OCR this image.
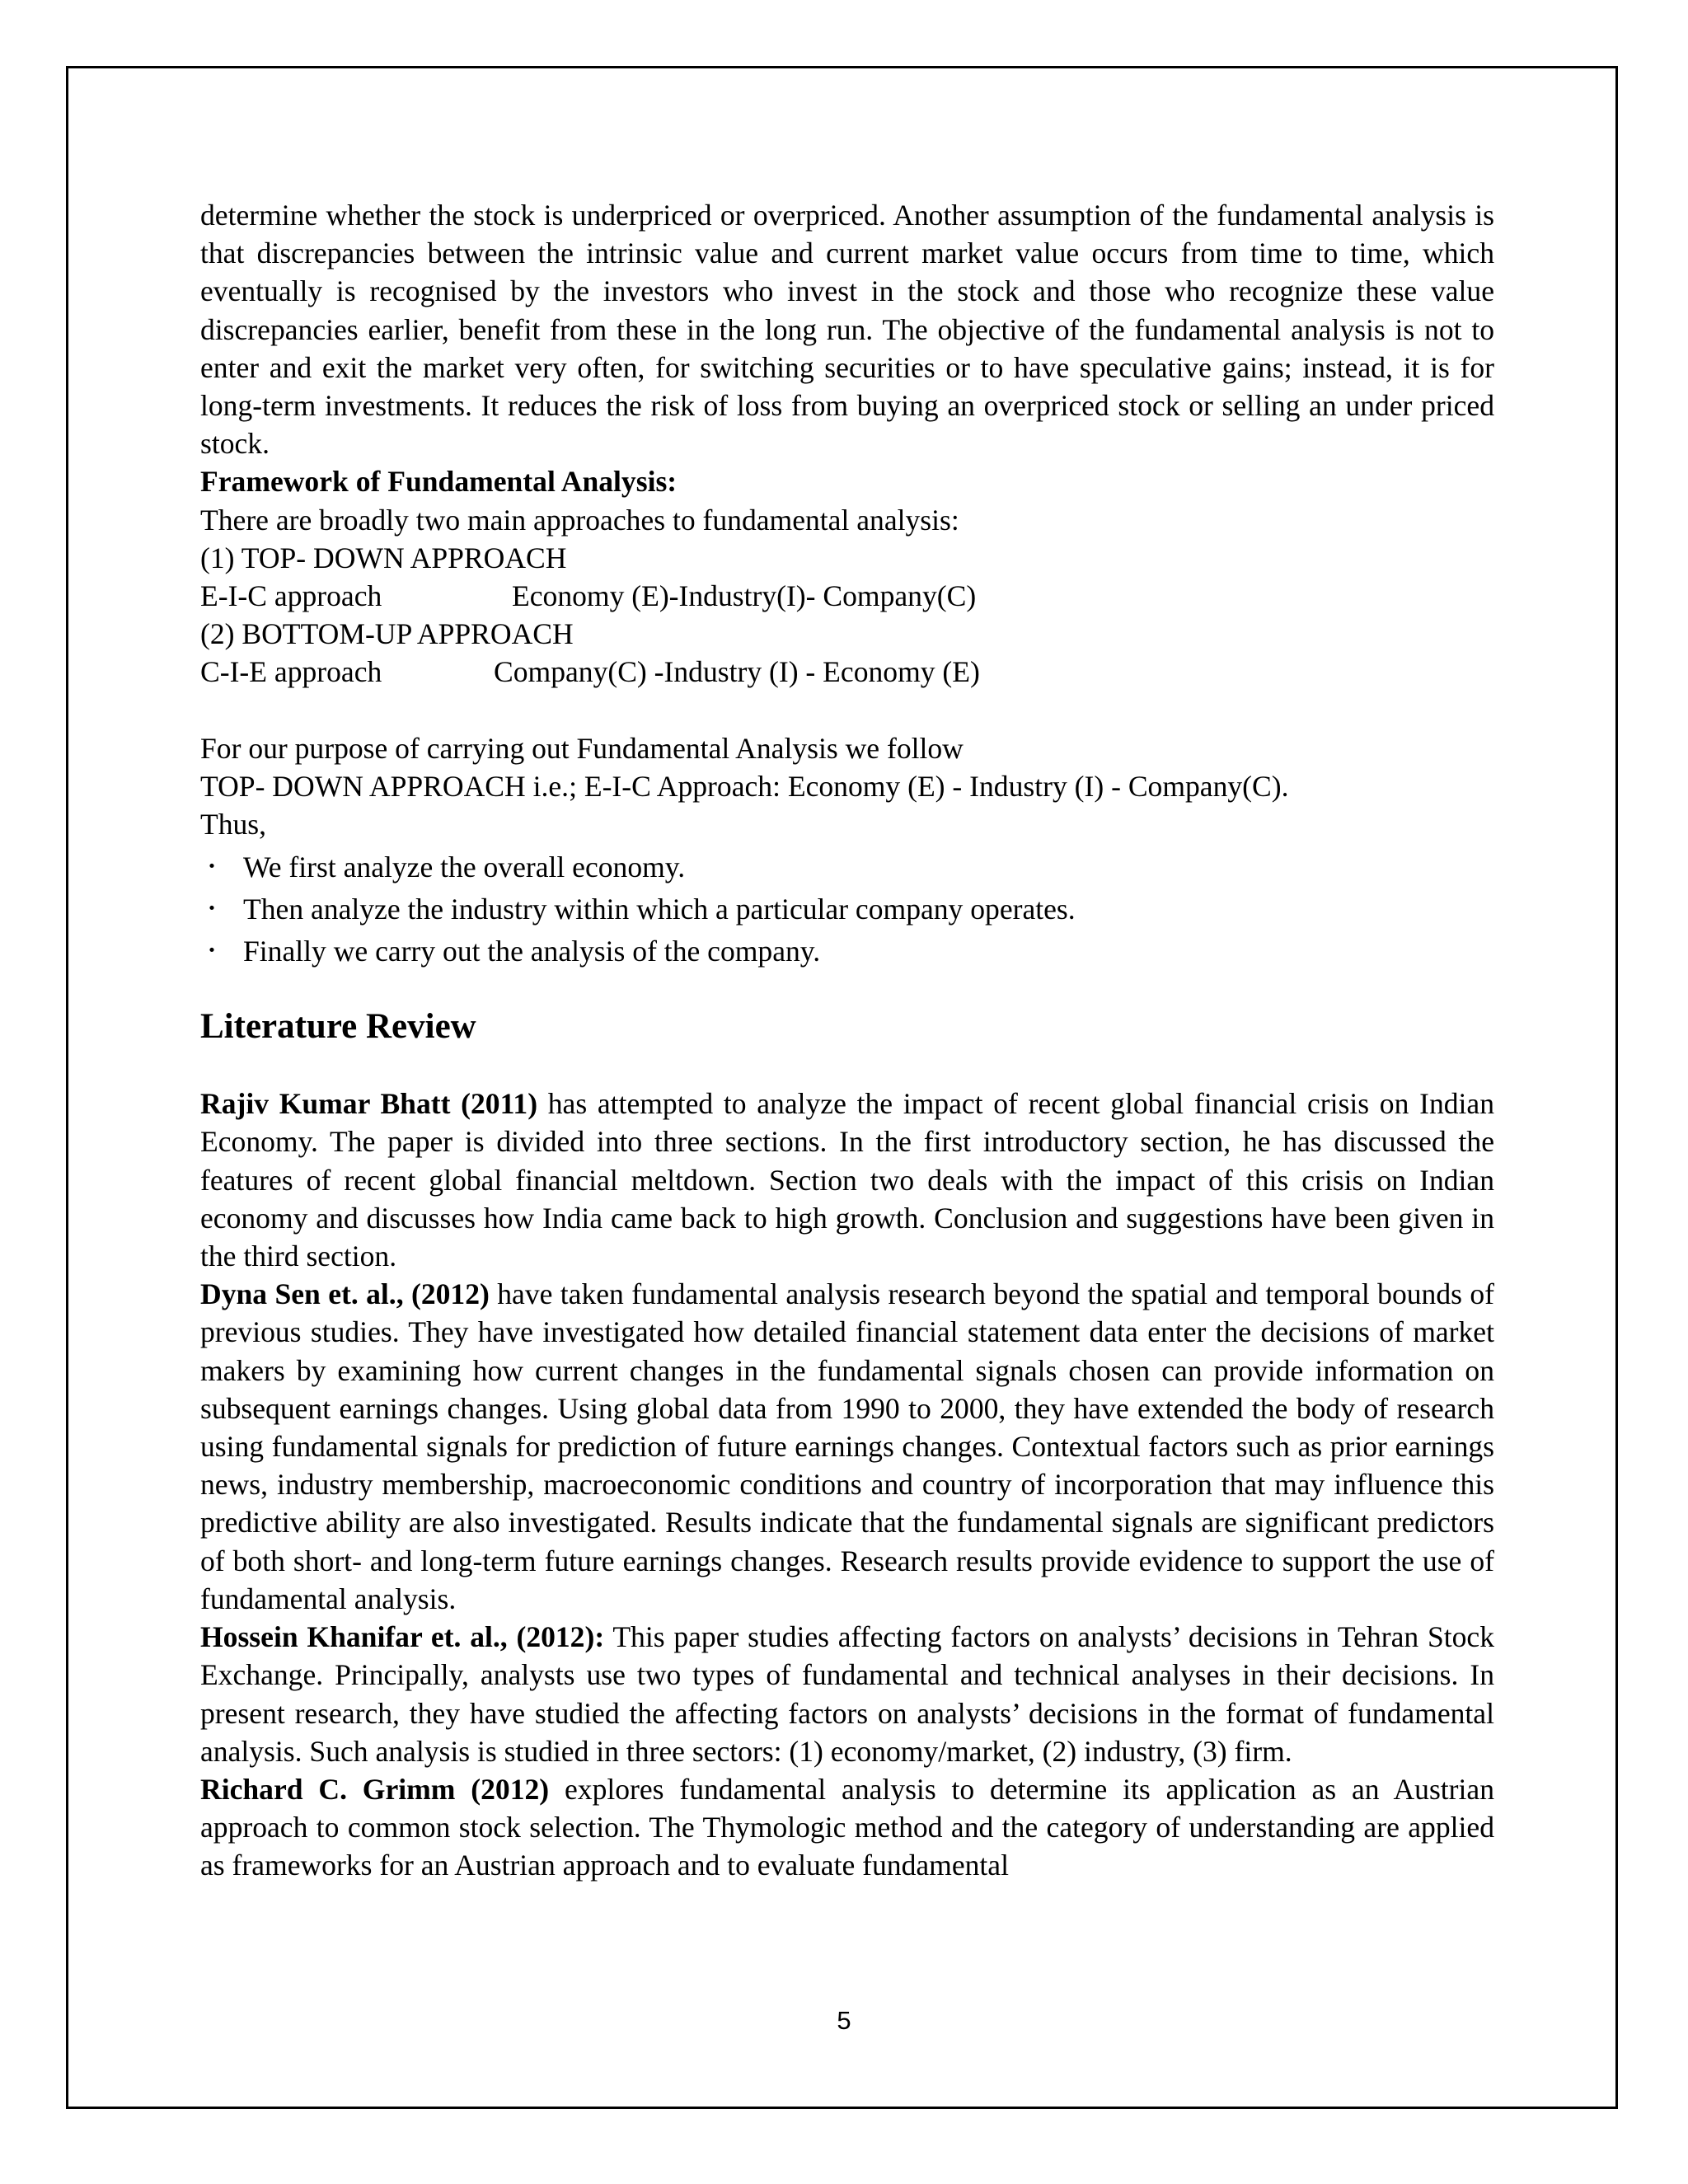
determine whether the stock is underpriced or overpriced. Another assumption of the fundamental analysis is that discrepancies between the intrinsic value and current market value occurs from time to time, which eventually is recognised by the investors who invest in the stock and those who recognize these value discrepancies earlier, benefit from these in the long run. The objective of the fundamental analysis is not to enter and exit the market very often, for switching securities or to have speculative gains; instead, it is for long-term investments. It reduces the risk of loss from buying an overpriced stock or selling an under priced stock.

Framework of Fundamental Analysis:

There are broadly two main approaches to fundamental analysis:

(1) TOP- DOWN APPROACH

E-I-C approach	Economy (E)-Industry(I)- Company(C)

(2) BOTTOM-UP APPROACH

C-I-E approach	Company(C) -Industry (I) - Economy (E)

For our purpose of carrying out Fundamental Analysis we follow

TOP- DOWN APPROACH i.e.; E-I-C Approach: Economy (E) - Industry (I) - Company(C).

Thus,

・ We first analyze the overall economy.
・ Then analyze the industry within which a particular company operates.
・ Finally we carry out the analysis of the company.
Literature Review

Rajiv Kumar Bhatt (2011) has attempted to analyze the impact of recent global financial crisis on Indian Economy. The paper is divided into three sections. In the first introductory section, he has discussed the features of recent global financial meltdown. Section two deals with the impact of this crisis on Indian economy and discusses how India came back to high growth. Conclusion and suggestions have been given in the third section.

Dyna Sen et. al., (2012) have taken fundamental analysis research beyond the spatial and temporal bounds of previous studies. They have investigated how detailed financial statement data enter the decisions of market makers by examining how current changes in the fundamental signals chosen can provide information on subsequent earnings changes. Using global data from 1990 to 2000, they have extended the body of research using fundamental signals for prediction of future earnings changes. Contextual factors such as prior earnings news, industry membership, macroeconomic conditions and country of incorporation that may influence this predictive ability are also investigated. Results indicate that the fundamental signals are significant predictors of both short- and long-term future earnings changes. Research results provide evidence to support the use of fundamental analysis.

Hossein Khanifar et. al., (2012): This paper studies affecting factors on analysts’ decisions in Tehran Stock Exchange. Principally, analysts use two types of fundamental and technical analyses in their decisions. In present research, they have studied the affecting factors on analysts’ decisions in the format of fundamental analysis. Such analysis is studied in three sectors: (1) economy/market, (2) industry, (3) firm.

Richard C. Grimm (2012) explores fundamental analysis to determine its application as an Austrian approach to common stock selection. The Thymologic method and the category of understanding are applied as frameworks for an Austrian approach and to evaluate fundamental

5
